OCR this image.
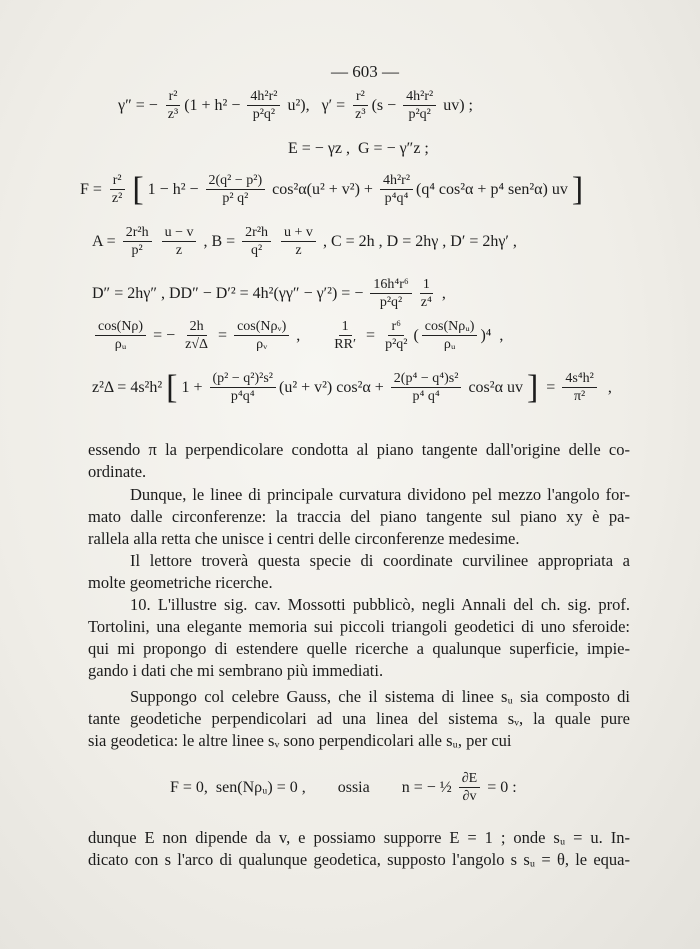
— 603 —
γ″ = − $\frac{\text{r²}}{\text{z³}} (1 + h^2 - \frac{\text{4h²r²}}{\text{p²q²}} u^2)$,   $\gamma' = \frac{\text{r²}}{\text{z³}} (s - \frac{\text{4h²r²}}{\text{p²q²}} uv)$ ;
E = − γz ,  G = − γ″z ;
$F = \frac{\text{r²}}{\text{z²}}$ [ $1 - h^2 - \frac{\text{2(q² − p²)}}{\text{p² q²}} \cos^2\alpha(u^2 + v^2) + \frac{\text{4h²r²}}{\text{p⁴q⁴}} (q^4$ cos²α + p⁴ sen²α) uv ]
$A = \frac{\text{2r²h}}{\text{p²}}$
$\frac{u - v}{z}$ , $B = \frac{\text{2r²h}}{\text{q²}}$
$\frac{u + v}{z}$ , C = 2h , D = 2hγ , D′ = 2hγ′ ,
D″ = 2hγ″ , DD″ − D′² = 4h²(γγ″ − γ′²) = − $\frac{\text{16h⁴r⁶}}{\text{p²q²}} \frac{1}{\text{z⁴}}$ ,
$\frac{\cos(N\rho)}{\text{ρᵤ}}$ = − $\frac{2h}{z√\Delta}$ = cos(Nρᵥ)
ρᵥ
, $\frac{1}{RR'} = \frac{\text{r⁶}}{\text{p²q²}}$ ( cos(Nρᵤ)
ρᵤ
)⁴  ,
z²Δ = 4s²h² [ $1 + \frac{\text{(p² − q²)²s²}}{\text{p⁴q⁴}} (u^2 + v^2) \cos^2\alpha + \frac{\text{2(p⁴ − q⁴)s²}}{\text{p⁴ q⁴}} \cos^2\alpha$ uv ] = $\frac{\text{4s⁴h²}}{\text{π²}}$ ,
essendo π la perpendicolare condotta al piano tangente dall'origine delle co-
ordinate.
Dunque, le linee di principale curvatura dividono pel mezzo l'angolo for-
mato dalle circonferenze: la traccia del piano tangente sul piano xy è pa-
rallela alla retta che unisce i centri delle circonferenze medesime.
Il lettore troverà questa specie di coordinate curvilinee appropriata a
molte geometriche ricerche.
10. L'illustre sig. cav. Mossotti pubblicò, negli Annali del ch. sig. prof.
Tortolini, una elegante memoria sui piccoli triangoli geodetici di uno sferoide:
qui mi propongo di estendere quelle ricerche a qualunque superficie, impie-
gando i dati che mi sembrano più immediati.
Suppongo col celebre Gauss, che il sistema di linee sᵤ sia composto di
tante geodetiche perpendicolari ad una linea del sistema sᵥ, la quale pure
sia geodetica: le altre linee sᵥ sono perpendicolari alle sᵤ, per cui
F = 0,  sen(Nρᵤ) = 0 ,        ossia        n = − ½ $\frac{\partial E}{\partial v} = 0$ :
dunque E non dipende da v, e possiamo supporre E = 1 ; onde sᵤ = u. In-
dicato con s l'arco di qualunque geodetica, supposto l'angolo s sᵤ = θ, le equa-
